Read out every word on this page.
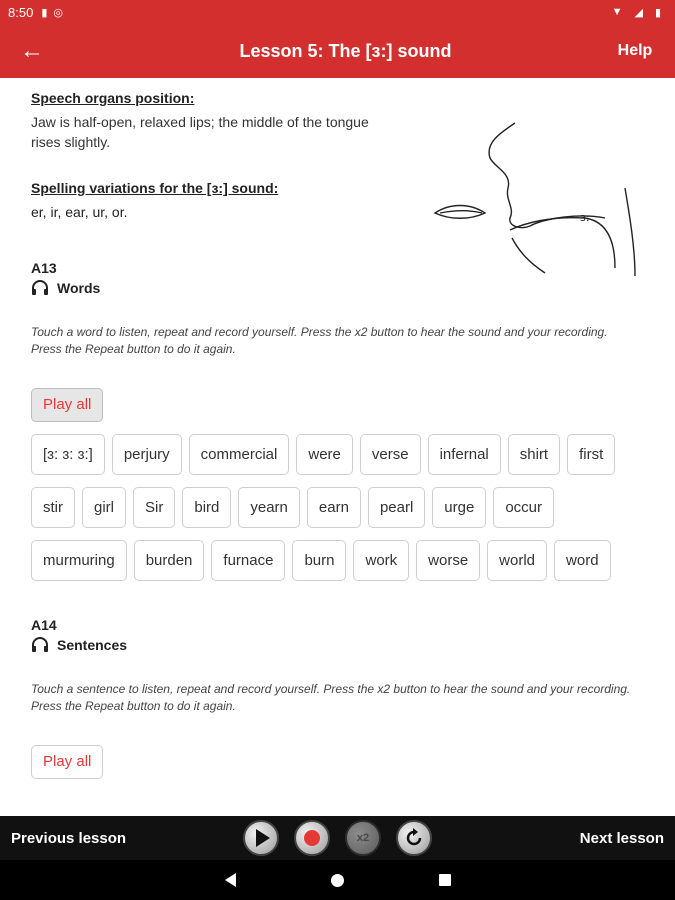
8:50 ▮ ◎	▼ ◢ ▮
←	Lesson 5: The [ɜ:] sound	Help
ɜ:
Speech organs position:
Jaw is half-open, relaxed lips; the middle of the tongue rises slightly.
Spelling variations for the [ɜ:] sound:
er, ir, ear, ur, or.
A13
Words
Touch a word to listen, repeat and record yourself. Press the x2 button to hear the sound and your recording. Press the Repeat button to do it again.
Play all
[ɜ: ɜ: ɜ:]	perjury	commercial	were	verse	infernal	shirt	first
stir	girl	Sir	bird	yearn	earn	pearl	urge	occur
murmuring	burden	furnace	burn	work	worse	world	word
A14
Sentences
Touch a sentence to listen, repeat and record yourself. Press the x2 button to hear the sound and your recording. Press the Repeat button to do it again.
Play all
Previous lesson	x2	Next lesson
